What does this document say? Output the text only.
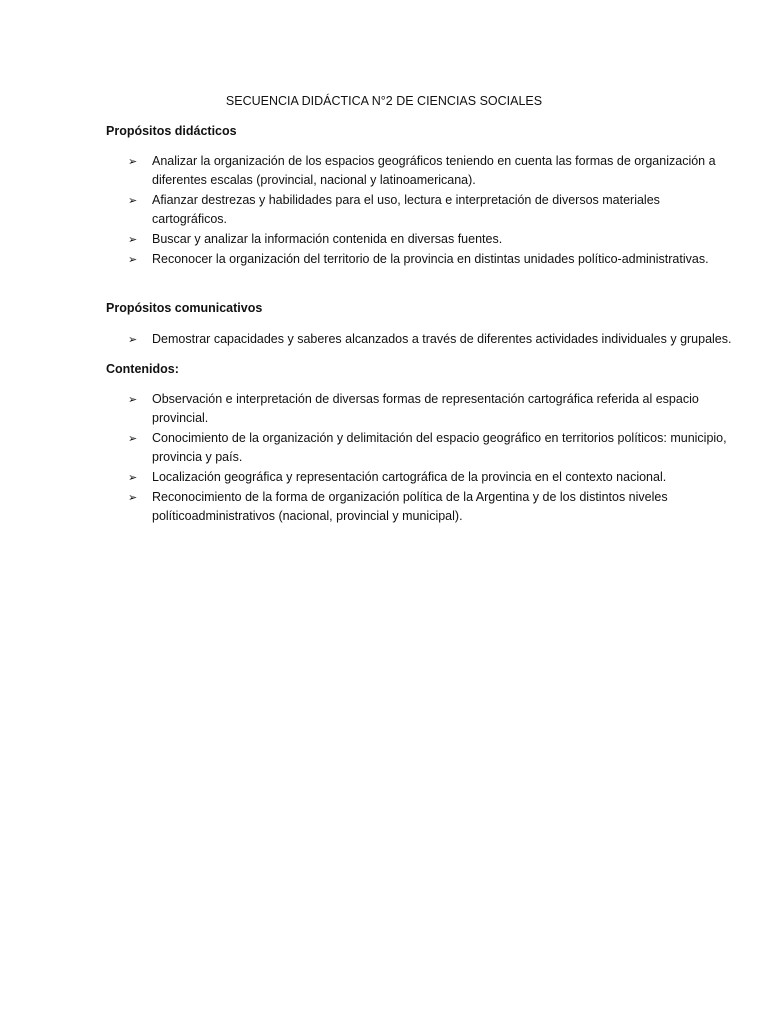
SECUENCIA DIDÁCTICA N°2 DE CIENCIAS SOCIALES
Propósitos didácticos
➢ Analizar la organización de los espacios geográficos teniendo en cuenta las formas de organización a diferentes escalas (provincial, nacional y latinoamericana).
➢ Afianzar destrezas y habilidades para el uso, lectura e interpretación de diversos materiales cartográficos.
➢ Buscar y analizar la información contenida en diversas fuentes.
➢ Reconocer la organización del territorio de la provincia en distintas unidades político-administrativas.
Propósitos comunicativos
➢ Demostrar capacidades y saberes alcanzados a través de diferentes actividades individuales y grupales.
Contenidos:
➢ Observación e interpretación de diversas formas de representación cartográfica referida al espacio provincial.
➢ Conocimiento de la organización y delimitación del espacio geográfico en territorios políticos: municipio, provincia y país.
➢ Localización geográfica y representación cartográfica de la provincia en el contexto nacional.
➢ Reconocimiento de la forma de organización política de la Argentina y de los distintos niveles políticoadministrativos (nacional, provincial y municipal).
